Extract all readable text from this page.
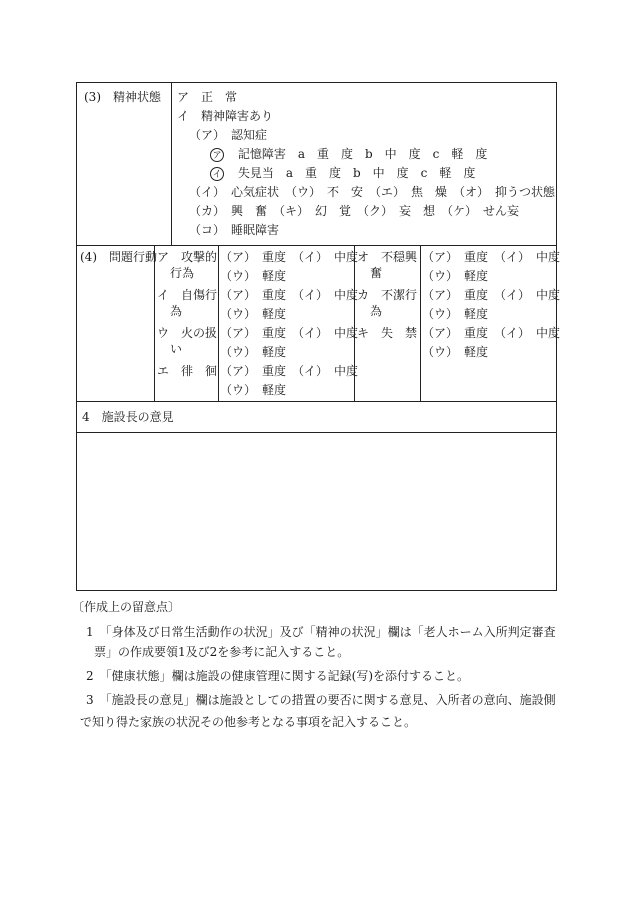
(3)　精神状態 ア　正　常
イ　精神障害あり
（ア）　認知症
ア 記憶障害　a　重　度　b　中　度　c　軽　度
イ 失見当　a　重　度　b　中　度　c　軽　度
（イ）　心気症状　（ウ）　不　安　（エ）　焦　燥　（オ）　抑うつ状態
（カ）　興　奮　（キ）　幻　覚　（ク）　妄　想　（ケ）　せん妄
（コ）　睡眠障害
(4)　問題行動 ア　攻撃的
行為
（ア）　重度　（イ）　中度
（ウ）　軽度
イ　自傷行
為
（ア）　重度　（イ）　中度
（ウ）　軽度
ウ　火の扱
い
（ア）　重度　（イ）　中度
（ウ）　軽度
エ　徘　徊 （ア）　重度　（イ）　中度
（ウ）　軽度
オ　不穏興
奮
（ア）　重度　（イ）　中度
（ウ）　軽度
カ　不潔行
為
（ア）　重度　（イ）　中度
（ウ）　軽度
キ　失　禁 （ア）　重度　（イ）　中度
（ウ）　軽度
4　施設長の意見
〔作成上の留意点〕
1　「身体及び日常生活動作の状況」及び「精神の状況」欄は「老人ホーム入所判定審査
票」の作成要領1及び2を参考に記入すること。
2　「健康状態」欄は施設の健康管理に関する記録(写)を添付すること。
3　「施設長の意見」欄は施設としての措置の要否に関する意見、入所者の意向、施設側
で知り得た家族の状況その他参考となる事項を記入すること。
